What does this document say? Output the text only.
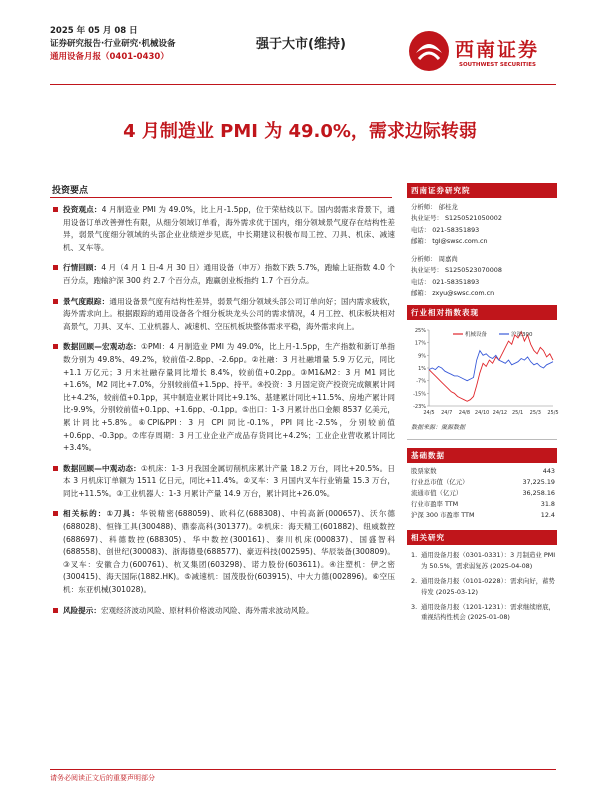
2025 年 05 月 08 日
证券研究报告·行业研究·机械设备
通用设备月报（0401-0430）
强于大市(维持)	西南证券
SOUTHWEST SECURITIES
4 月制造业 PMI 为 49.0%，需求边际转弱
投资要点
投资观点：4 月制造业 PMI 为 49.0%，比上月-1.5pp，位于荣枯线以下。国内弱需求背景下，通用设备订单改善弹性有限，从细分领域订单看，海外需求优于国内，细分领域景气度存在结构性差异，弱景气度细分领域的头部企业业绩逆步见底，中长期建议积极布局工控、刀具、机床、减速机、叉车等。
行情回顾：4 月（4 月 1 日-4 月 30 日）通用设备（申万）指数下跌 5.7%，跑输上证指数 4.0 个百分点，跑输沪深 300 约 2.7 个百分点，跑赢创业板指约 1.7 个百分点。
景气度跟踪：通用设备景气度有结构性差异，弱景气细分领域头部公司订单向好；国内需求疲软，海外需求向上。根据跟踪的通用设备各个细分板块龙头公司的需求情况，4 月工控、机床板块相对高景气，刀具、叉车、工业机器人、减速机、空压机板块整体需求平稳，海外需求向上。
数据回顾—宏观动态：①PMI：4 月制造业 PMI 为 49.0%，比上月-1.5pp，生产指数和新订单指数分别为 49.8%、49.2%，较前值-2.8pp、-2.6pp。②社融：3 月社融增量 5.9 万亿元，同比+1.1 万亿元；3 月末社融存量同比增长 8.4%，较前值+0.2pp。③M1&M2：3 月 M1 同比+1.6%，M2 同比+7.0%，分别较前值+1.5pp、持平。④投资：3 月固定资产投资完成额累计同比+4.2%，较前值+0.1pp，其中制造业累计同比+9.1%、基建累计同比+11.5%、房地产累计同比-9.9%，分别较前值+0.1pp、+1.6pp、-0.1pp。⑤出口：1-3 月累计出口金额 8537 亿美元，累计同比+5.8%。⑥CPI&PPI：3 月 CPI 同比-0.1%，PPI 同比-2.5%，分别较前值+0.6pp、-0.3pp。⑦库存周期：3 月工业企业产成品存货同比+4.2%；工业企业营收累计同比+3.4%。
数据回顾—中观动态：①机床：1-3 月我国金属切削机床累计产量 18.2 万台，同比+20.5%。日本 3 月机床订单额为 1511 亿日元，同比+11.4%。②叉车：3 月国内叉车行业销量 15.3 万台，同比+11.5%。③工业机器人：1-3 月累计产量 14.9 万台，累计同比+26.0%。
相关标的：①刀具：华锐精密(688059)、欧科亿(688308)、中钨高新(000657)、沃尔德(688028)、恒锋工具(300488)、鼎泰高科(301377)。②机床：海天精工(601882)、纽威数控(688697)、科德数控(688305)、华中数控(300161)、秦川机床(000837)、国盛智科(688558)、创世纪(300083)、浙海德曼(688577)、豪迈科技(002595)、华辰装备(300809)。③叉车：安徽合力(600761)、杭叉集团(603298)、诺力股份(603611)。④注塑机：伊之密(300415)、海天国际(1882.HK)。⑤减速机：国茂股份(603915)、中大力德(002896)。⑥空压机：东亚机械(301028)。
风险提示：宏观经济波动风险、原材料价格波动风险、海外需求波动风险。
西南证券研究院
分析师： 邰桂龙
执业证号： S1250521050002
电话： 021-58351893
邮箱： tgl@swsc.com.cn
分析师： 周嘉尚
执业证号： S1250523070008
电话： 021-58351893
邮箱： zxyu@swsc.com.cn
行业相对指数表现
25%
17%
9%
1%
-7%
-15%
-23%
24/5 24/7 24/8 24/10 24/12 25/1 25/3 25/5
机械设备	沪深300
数据来源：聚源数据
基础数据
股票家数	443
行业总市值（亿元）	37,225.19
流通市值（亿元）	36,258.16
行业市盈率 TTM	31.8
沪深 300 市盈率 TTM	12.4
相关研究
1. 通用设备月报（0301-0331）：3 月制造业 PMI 为 50.5%，需求弱复苏 (2025-04-08)
2. 通用设备月报（0101-0228）：需求向好，蓄势待发 (2025-03-12)
3. 通用设备月报（1201-1231）：需求继续磨底，重视结构性机会 (2025-01-08)
请务必阅读正文后的重要声明部分
